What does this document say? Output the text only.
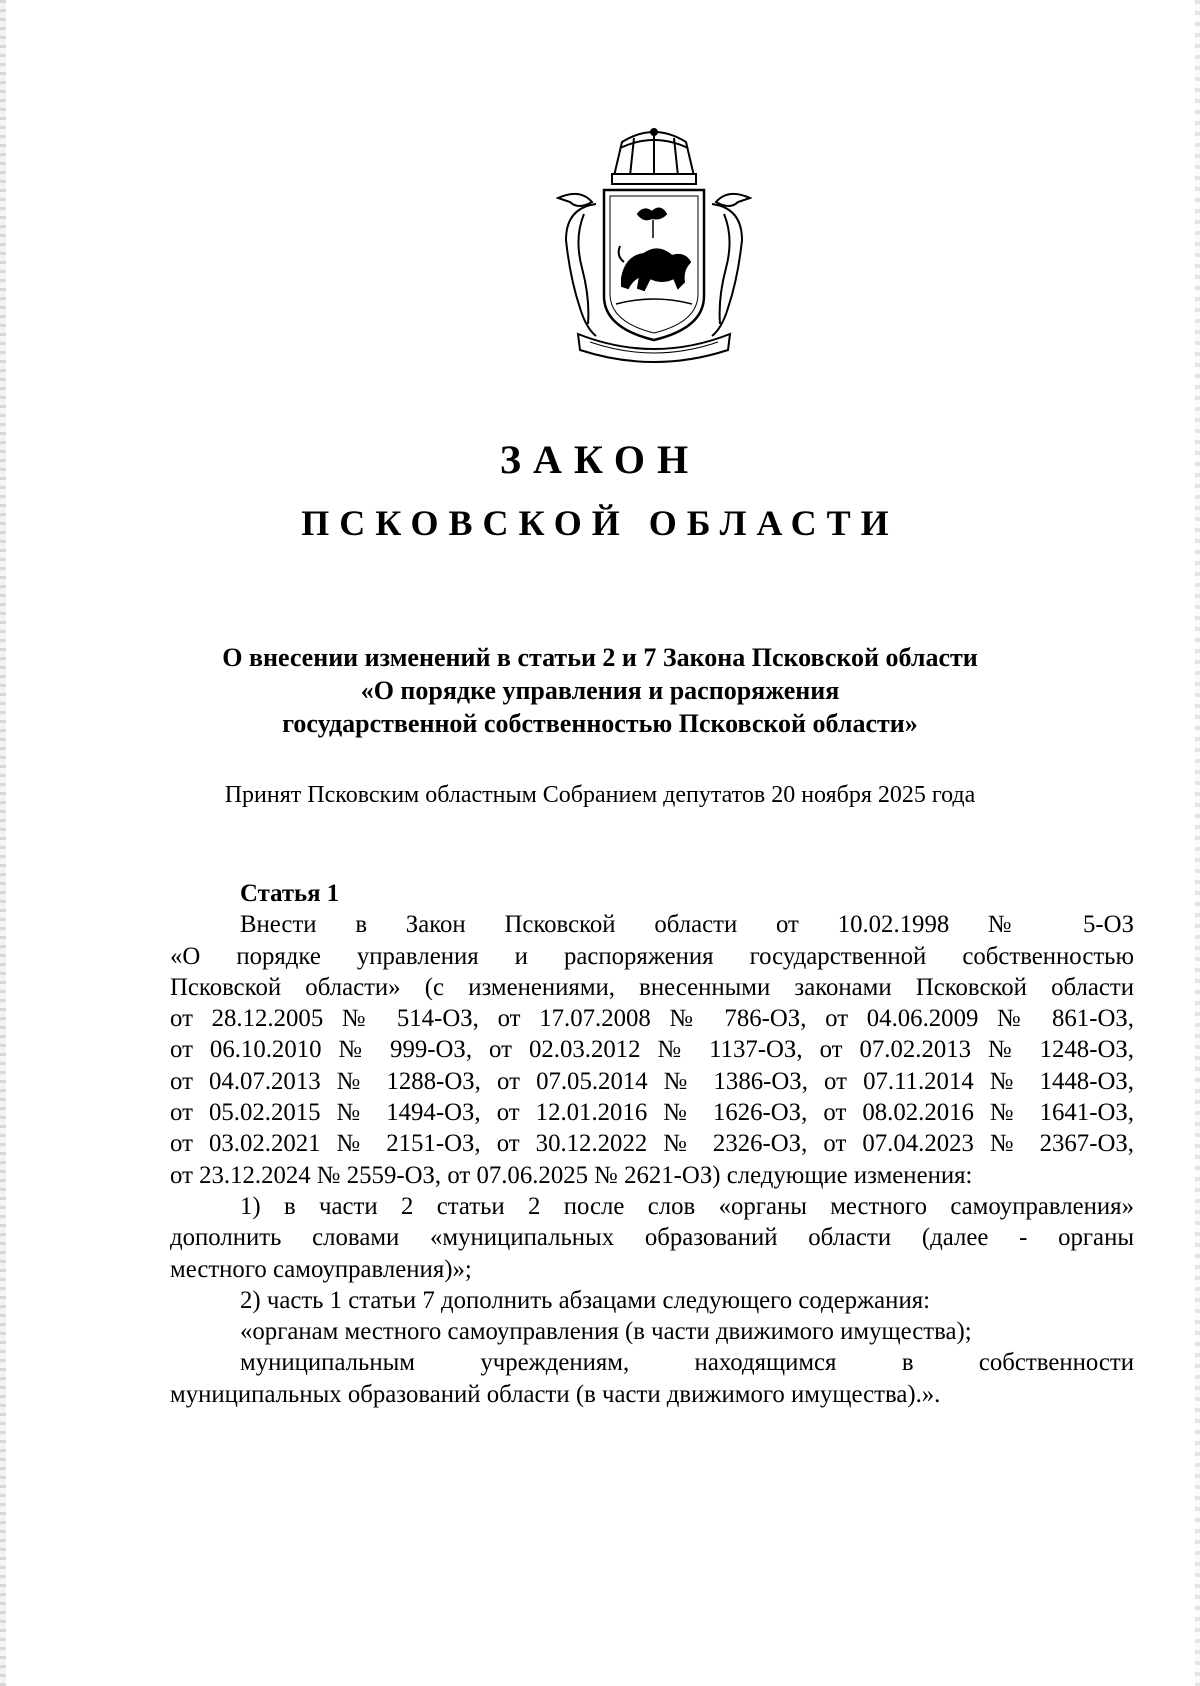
ЗАКОН
ПСКОВСКОЙ ОБЛАСТИ
О внесении изменений в статьи 2 и 7 Закона Псковской области
«О порядке управления и распоряжения
государственной собственностью Псковской области»

Принят Псковским областным Собранием депутатов 20 ноября 2025 года

Статья 1

Внести в Закон Псковской области от 10.02.1998 № 5-ОЗ
«О порядке управления и распоряжения государственной собственностью
Псковской области» (с изменениями, внесенными законами Псковской области
от 28.12.2005 № 514-ОЗ, от 17.07.2008 № 786-ОЗ, от 04.06.2009 № 861-ОЗ,
от 06.10.2010 № 999-ОЗ, от 02.03.2012 № 1137-ОЗ, от 07.02.2013 № 1248-ОЗ,
от 04.07.2013 № 1288-ОЗ, от 07.05.2014 № 1386-ОЗ, от 07.11.2014 № 1448-ОЗ,
от 05.02.2015 № 1494-ОЗ, от 12.01.2016 № 1626-ОЗ, от 08.02.2016 № 1641-ОЗ,
от 03.02.2021 № 2151-ОЗ, от 30.12.2022 № 2326-ОЗ, от 07.04.2023 № 2367-ОЗ,
от 23.12.2024 № 2559-ОЗ, от 07.06.2025 № 2621-ОЗ) следующие изменения:
1) в части 2 статьи 2 после слов «органы местного самоуправления»
дополнить словами «муниципальных образований области (далее - органы
местного самоуправления)»;
2) часть 1 статьи 7 дополнить абзацами следующего содержания:
«органам местного самоуправления (в части движимого имущества);
муниципальным учреждениям, находящимся в собственности
муниципальных образований области (в части движимого имущества).».
